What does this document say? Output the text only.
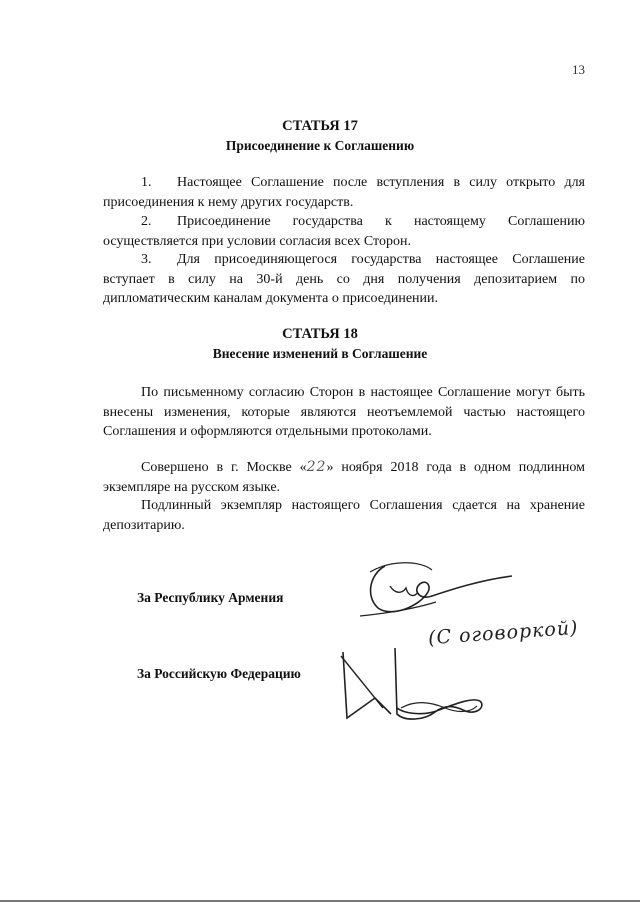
13
СТАТЬЯ 17
Присоединение к Соглашению

1. Настоящее Соглашение после вступления в силу открыто для присоединения к нему других государств.

2. Присоединение государства к настоящему Соглашению осуществляется при условии согласия всех Сторон.

3. Для присоединяющегося государства настоящее Соглашение вступает в силу на 30-й день со дня получения депозитарием по дипломатическим каналам документа о присоединении.

СТАТЬЯ 18
Внесение изменений в Соглашение

По письменному согласию Сторон в настоящее Соглашение могут быть внесены изменения, которые являются неотъемлемой частью настоящего Соглашения и оформляются отдельными протоколами.

Совершено в г. Москве «22» ноября 2018 года в одном подлинном экземпляре на русском языке.

Подлинный экземпляр настоящего Соглашения сдается на хранение депозитарию.

За Республику Армения
(С оговоркой)
За Российскую Федерацию
